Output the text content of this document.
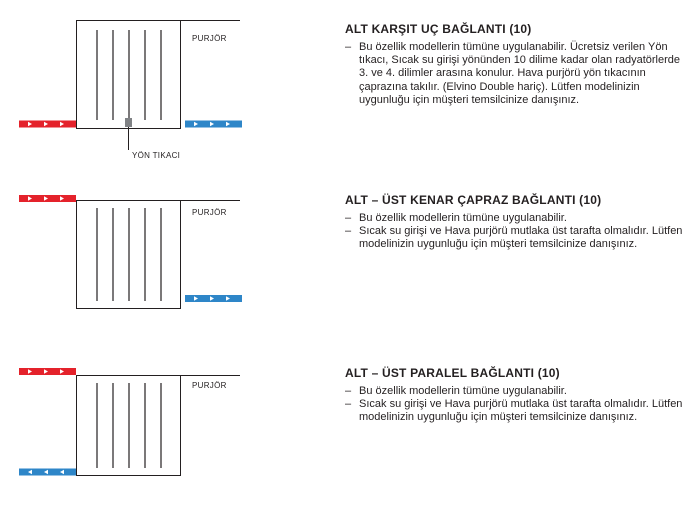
PURJÖR
YÖN TIKACI
PURJÖR
PURJÖR
ALT KARŞIT UÇ BAĞLANTI (10)
– Bu özellik modellerin tümüne uygulanabilir. Ücretsiz verilen Yön tıkacı, Sıcak su girişi yönünden 10 dilime kadar olan radyatörlerde 3. ve 4. dilimler arasına konulur. Hava purjörü yön tıkacının çaprazına takılır. (Elvino Double hariç). Lütfen modelinizin uygunluğu için müşteri temsilcinize danışınız.
ALT – ÜST KENAR ÇAPRAZ BAĞLANTI (10)
– Bu özellik modellerin tümüne uygulanabilir.
– Sıcak su girişi ve Hava purjörü mutlaka üst tarafta olmalıdır. Lütfen modelinizin uygunluğu için müşteri temsilcinize danışınız.
ALT – ÜST PARALEL BAĞLANTI (10)
– Bu özellik modellerin tümüne uygulanabilir.
– Sıcak su girişi ve Hava purjörü mutlaka üst tarafta olmalıdır. Lütfen modelinizin uygunluğu için müşteri temsilcinize danışınız.
